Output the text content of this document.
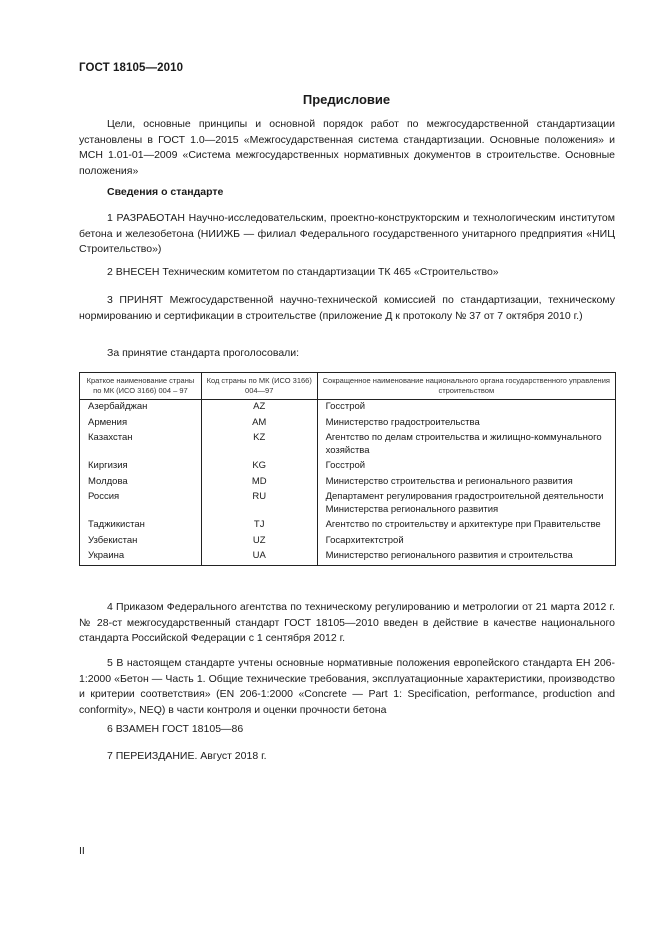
ГОСТ 18105—2010
Предисловие
Цели, основные принципы и основной порядок работ по межгосударственной стандартизации установлены в ГОСТ 1.0—2015 «Межгосударственная система стандартизации. Основные положения» и МСН 1.01-01—2009 «Система межгосударственных нормативных документов в строительстве. Основные положения»
Сведения о стандарте
1 РАЗРАБОТАН Научно-исследовательским, проектно-конструкторским и технологическим институтом бетона и железобетона (НИИЖБ — филиал Федерального государственного унитарного предприятия «НИЦ Строительство»)
2 ВНЕСЕН Техническим комитетом по стандартизации ТК 465 «Строительство»
3 ПРИНЯТ Межгосударственной научно-технической комиссией по стандартизации, техническому нормированию и сертификации в строительстве (приложение Д к протоколу № 37 от 7 октября 2010 г.)
За принятие стандарта проголосовали:
Краткое наименование страны по МК (ИСО 3166) 004 – 97	Код страны по МК (ИСО 3166) 004—97	Сокращенное наименование национального органа государственного управления строительством
Азербайджан	AZ	Госстрой
Армения	AM	Министерство градостроительства
Казахстан	KZ	Агентство по делам строительства и жилищно-коммунального хозяйства
Киргизия	KG	Госстрой
Молдова	MD	Министерство строительства и регионального развития
Россия	RU	Департамент регулирования градостроительной деятельности Министерства регионального развития
Таджикистан	TJ	Агентство по строительству и архитектуре при Правительстве
Узбекистан	UZ	Госархитектстрой
Украина	UA	Министерство регионального развития и строительства
4 Приказом Федерального агентства по техническому регулированию и метрологии от 21 марта 2012 г. № 28-ст межгосударственный стандарт ГОСТ 18105—2010 введен в действие в качестве национального стандарта Российской Федерации с 1 сентября 2012 г.
5 В настоящем стандарте учтены основные нормативные положения европейского стандарта ЕН 206-1:2000 «Бетон — Часть 1. Общие технические требования, эксплуатационные характеристики, производство и критерии соответствия» (EN 206-1:2000 «Concrete — Part 1: Specification, performance, production and conformity», NEQ) в части контроля и оценки прочности бетона
6 ВЗАМЕН ГОСТ 18105—86
7 ПЕРЕИЗДАНИЕ. Август 2018 г.
II
